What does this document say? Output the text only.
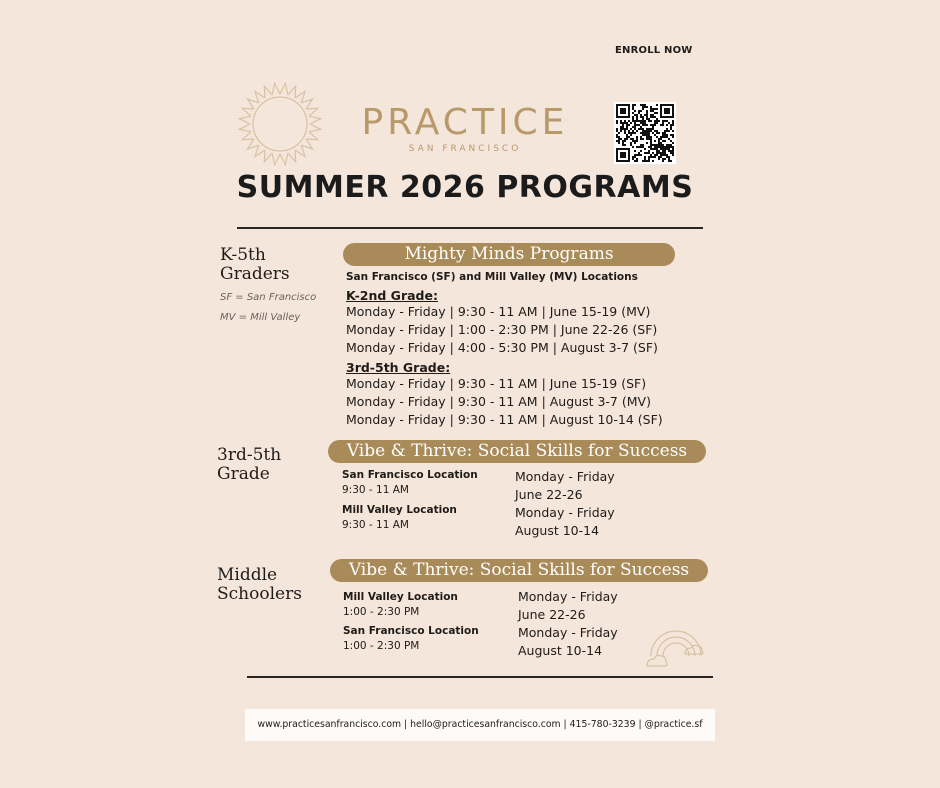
ENROLL NOW
PRACTICE
SAN FRANCISCO
SUMMER 2026 PROGRAMS
K-5th
Graders
SF = San Francisco
MV = Mill Valley
Mighty Minds Programs
San Francisco (SF) and Mill Valley (MV) Locations
K-2nd Grade:
Monday - Friday | 9:30 - 11 AM | June 15-19 (MV)
Monday - Friday | 1:00 - 2:30 PM | June 22-26 (SF)
Monday - Friday | 4:00 - 5:30 PM | August 3-7 (SF)
3rd-5th Grade:
Monday - Friday | 9:30 - 11 AM | June 15-19 (SF)
Monday - Friday | 9:30 - 11 AM | August 3-7 (MV)
Monday - Friday | 9:30 - 11 AM | August 10-14 (SF)
3rd-5th
Grade
Vibe & Thrive: Social Skills for Success
San Francisco Location
9:30 - 11 AM
Mill Valley Location
9:30 - 11 AM
Monday - Friday
June 22-26
Monday - Friday
August 10-14
Middle
Schoolers
Vibe & Thrive: Social Skills for Success
Mill Valley Location
1:00 - 2:30 PM
San Francisco Location
1:00 - 2:30 PM
Monday - Friday
June 22-26
Monday - Friday
August 10-14
www.practicesanfrancisco.com | hello@practicesanfrancisco.com | 415-780-3239 | @practice.sf
